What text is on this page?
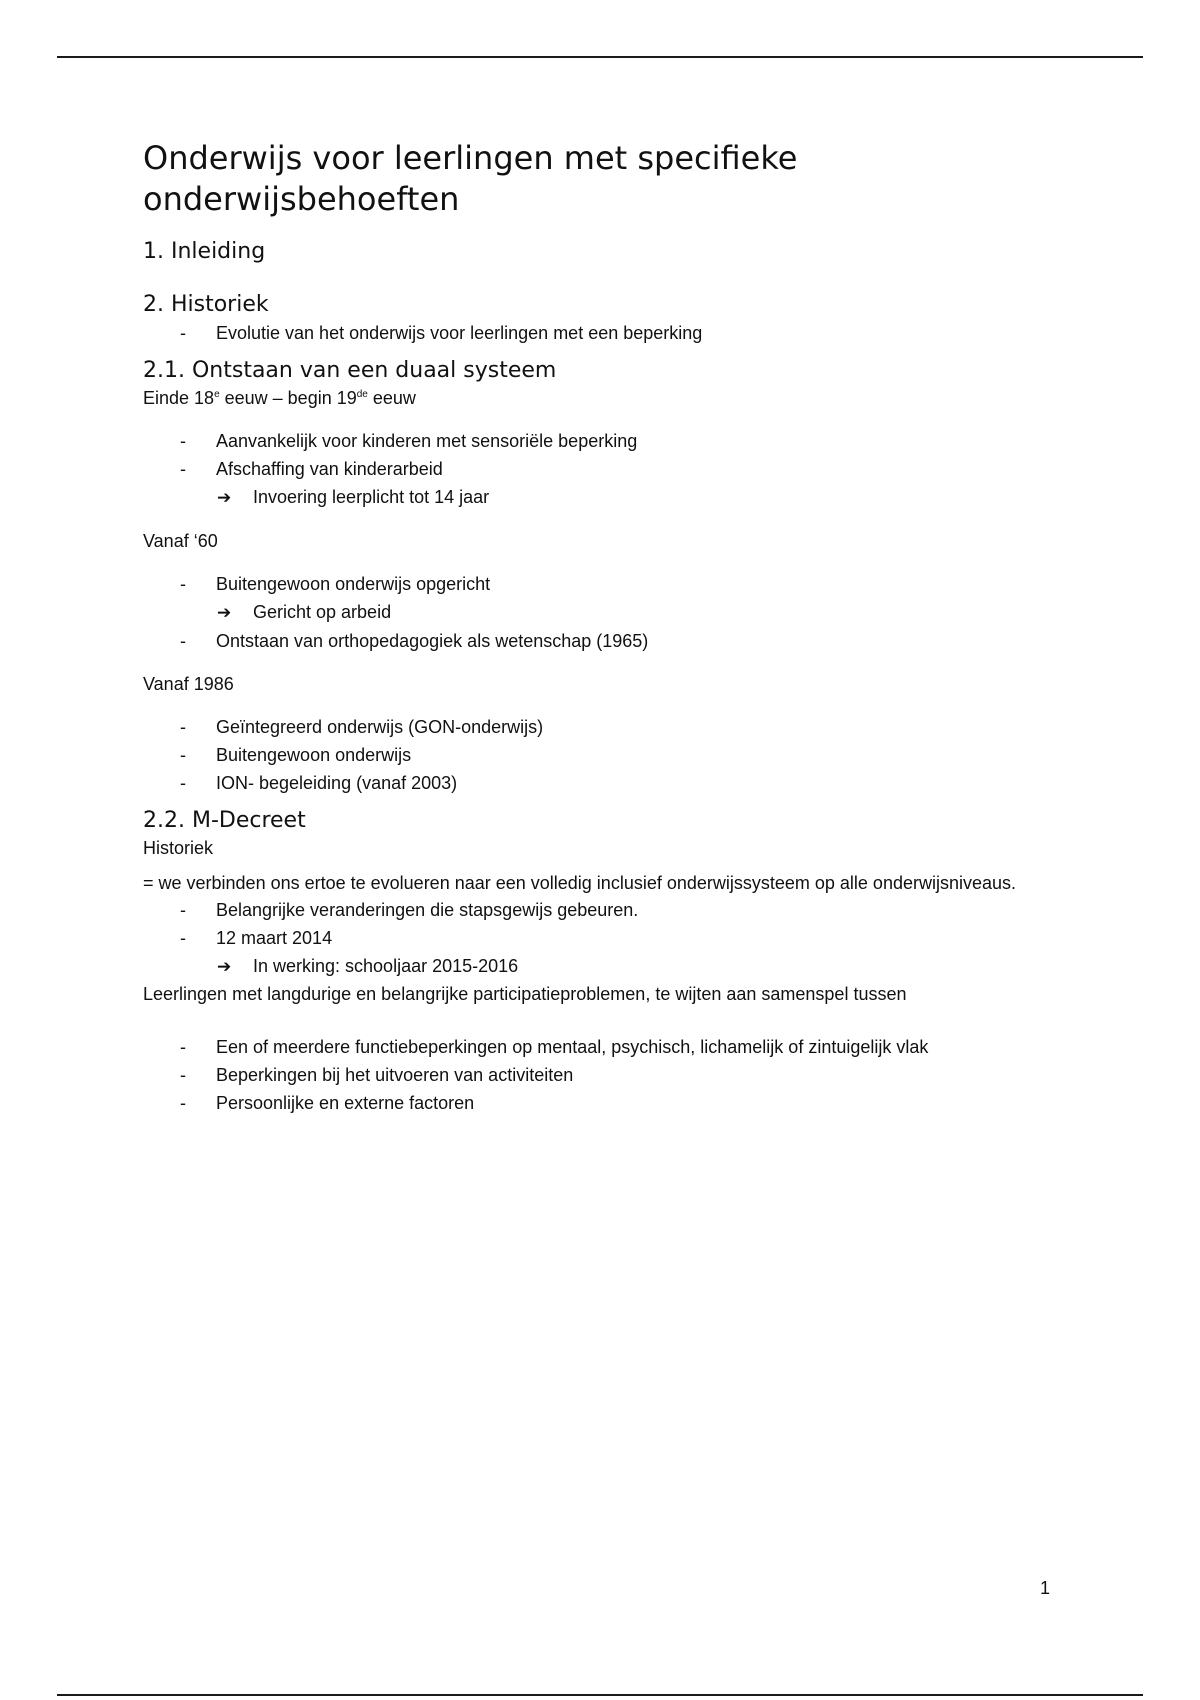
Onderwijs voor leerlingen met specifieke onderwijsbehoeften
1. Inleiding
2. Historiek
- Evolutie van het onderwijs voor leerlingen met een beperking
2.1. Ontstaan van een duaal systeem

Einde 18e eeuw – begin 19de eeuw

- Aanvankelijk voor kinderen met sensoriële beperking
- Afschaffing van kinderarbeid
➔ Invoering leerplicht tot 14 jaar

Vanaf ‘60

- Buitengewoon onderwijs opgericht
➔ Gericht op arbeid
- Ontstaan van orthopedagogiek als wetenschap (1965)

Vanaf 1986

- Geïntegreerd onderwijs (GON-onderwijs)
- Buitengewoon onderwijs
- ION- begeleiding (vanaf 2003)
2.2. M-Decreet

Historiek

= we verbinden ons ertoe te evolueren naar een volledig inclusief onderwijssysteem op alle onderwijsniveaus.

- Belangrijke veranderingen die stapsgewijs gebeuren.
- 12 maart 2014
➔ In werking: schooljaar 2015-2016

Leerlingen met langdurige en belangrijke participatieproblemen, te wijten aan samenspel tussen

- Een of meerdere functiebeperkingen op mentaal, psychisch, lichamelijk of zintuigelijk vlak
- Beperkingen bij het uitvoeren van activiteiten
- Persoonlijke en externe factoren
1
